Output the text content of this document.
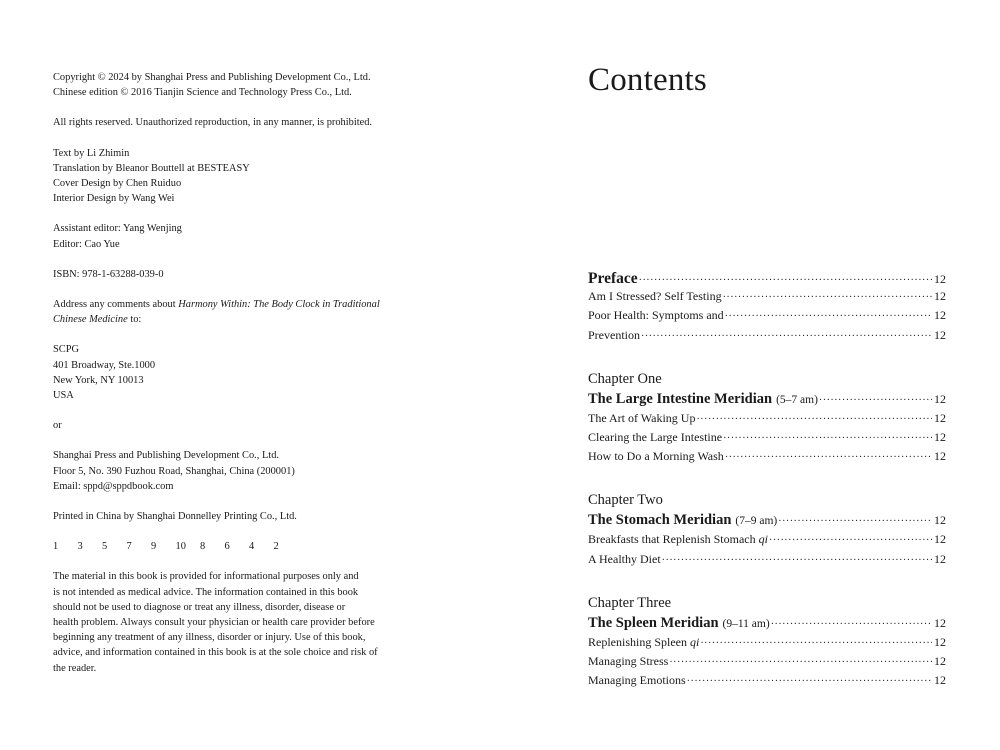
Copyright © 2024 by Shanghai Press and Publishing Development Co., Ltd.
Chinese edition © 2016 Tianjin Science and Technology Press Co., Ltd.

All rights reserved. Unauthorized reproduction, in any manner, is prohibited.

Text by Li Zhimin
Translation by Bleanor Bouttell at BESTEASY
Cover Design by Chen Ruiduo
Interior Design by Wang Wei

Assistant editor: Yang Wenjing
Editor: Cao Yue

ISBN: 978-1-63288-039-0

Address any comments about Harmony Within: The Body Clock in Traditional
Chinese Medicine to:

SCPG
401 Broadway, Ste.1000
New York, NY 10013
USA

or

Shanghai Press and Publishing Development Co., Ltd.
Floor 5, No. 390 Fuzhou Road, Shanghai, China (200001)
Email: sppd@sppdbook.com

Printed in China by Shanghai Donnelley Printing Co., Ltd.

1	3	5	7	9	10	8	6	4	2

The material in this book is provided for informational purposes only and
is not intended as medical advice. The information contained in this book
should not be used to diagnose or treat any illness, disorder, disease or
health problem. Always consult your physician or health care provider before
beginning any treatment of any illness, disorder or injury. Use of this book,
advice, and information contained in this book is at the sole choice and risk of
the reader.

Contents
Preface ·····	12
Am I Stressed? Self Testing ·····	12
Poor Health: Symptoms and ·····	12
Prevention ·····	12
Chapter One
The Large Intestine Meridian (5–7 am) ·····	12
The Art of Waking Up ·····	12
Clearing the Large Intestine ·····	12
How to Do a Morning Wash ·····	12
Chapter Two
The Stomach Meridian (7–9 am) ·····	12
Breakfasts that Replenish Stomach qi ·····	12
A Healthy Diet ·····	12
Chapter Three
The Spleen Meridian (9–11 am) ·····	12
Replenishing Spleen qi ·····	12
Managing Stress ·····	12
Managing Emotions ·····	12
